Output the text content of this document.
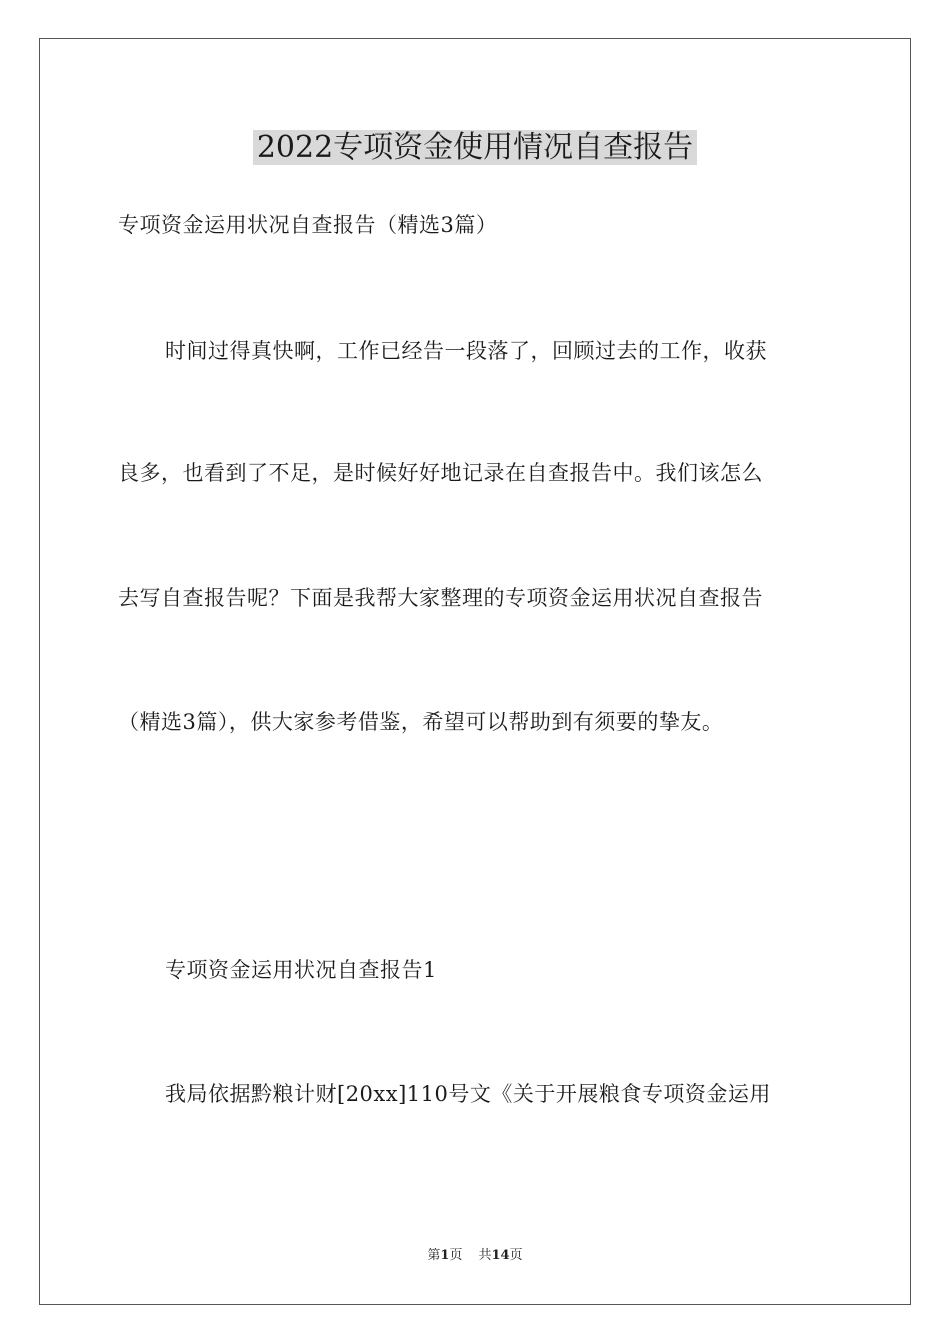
2022专项资金使用情况自查报告
专项资金运用状况自查报告（精选3篇）
时间过得真快啊，工作已经告一段落了，回顾过去的工作，收获
良多，也看到了不足，是时候好好地记录在自查报告中。我们该怎么
去写自查报告呢？下面是我帮大家整理的专项资金运用状况自查报告
（精选3篇），供大家参考借鉴，希望可以帮助到有须要的挚友。
专项资金运用状况自查报告1
我局依据黔粮计财[20xx]110号文《关于开展粮食专项资金运用
第1页 共14页
